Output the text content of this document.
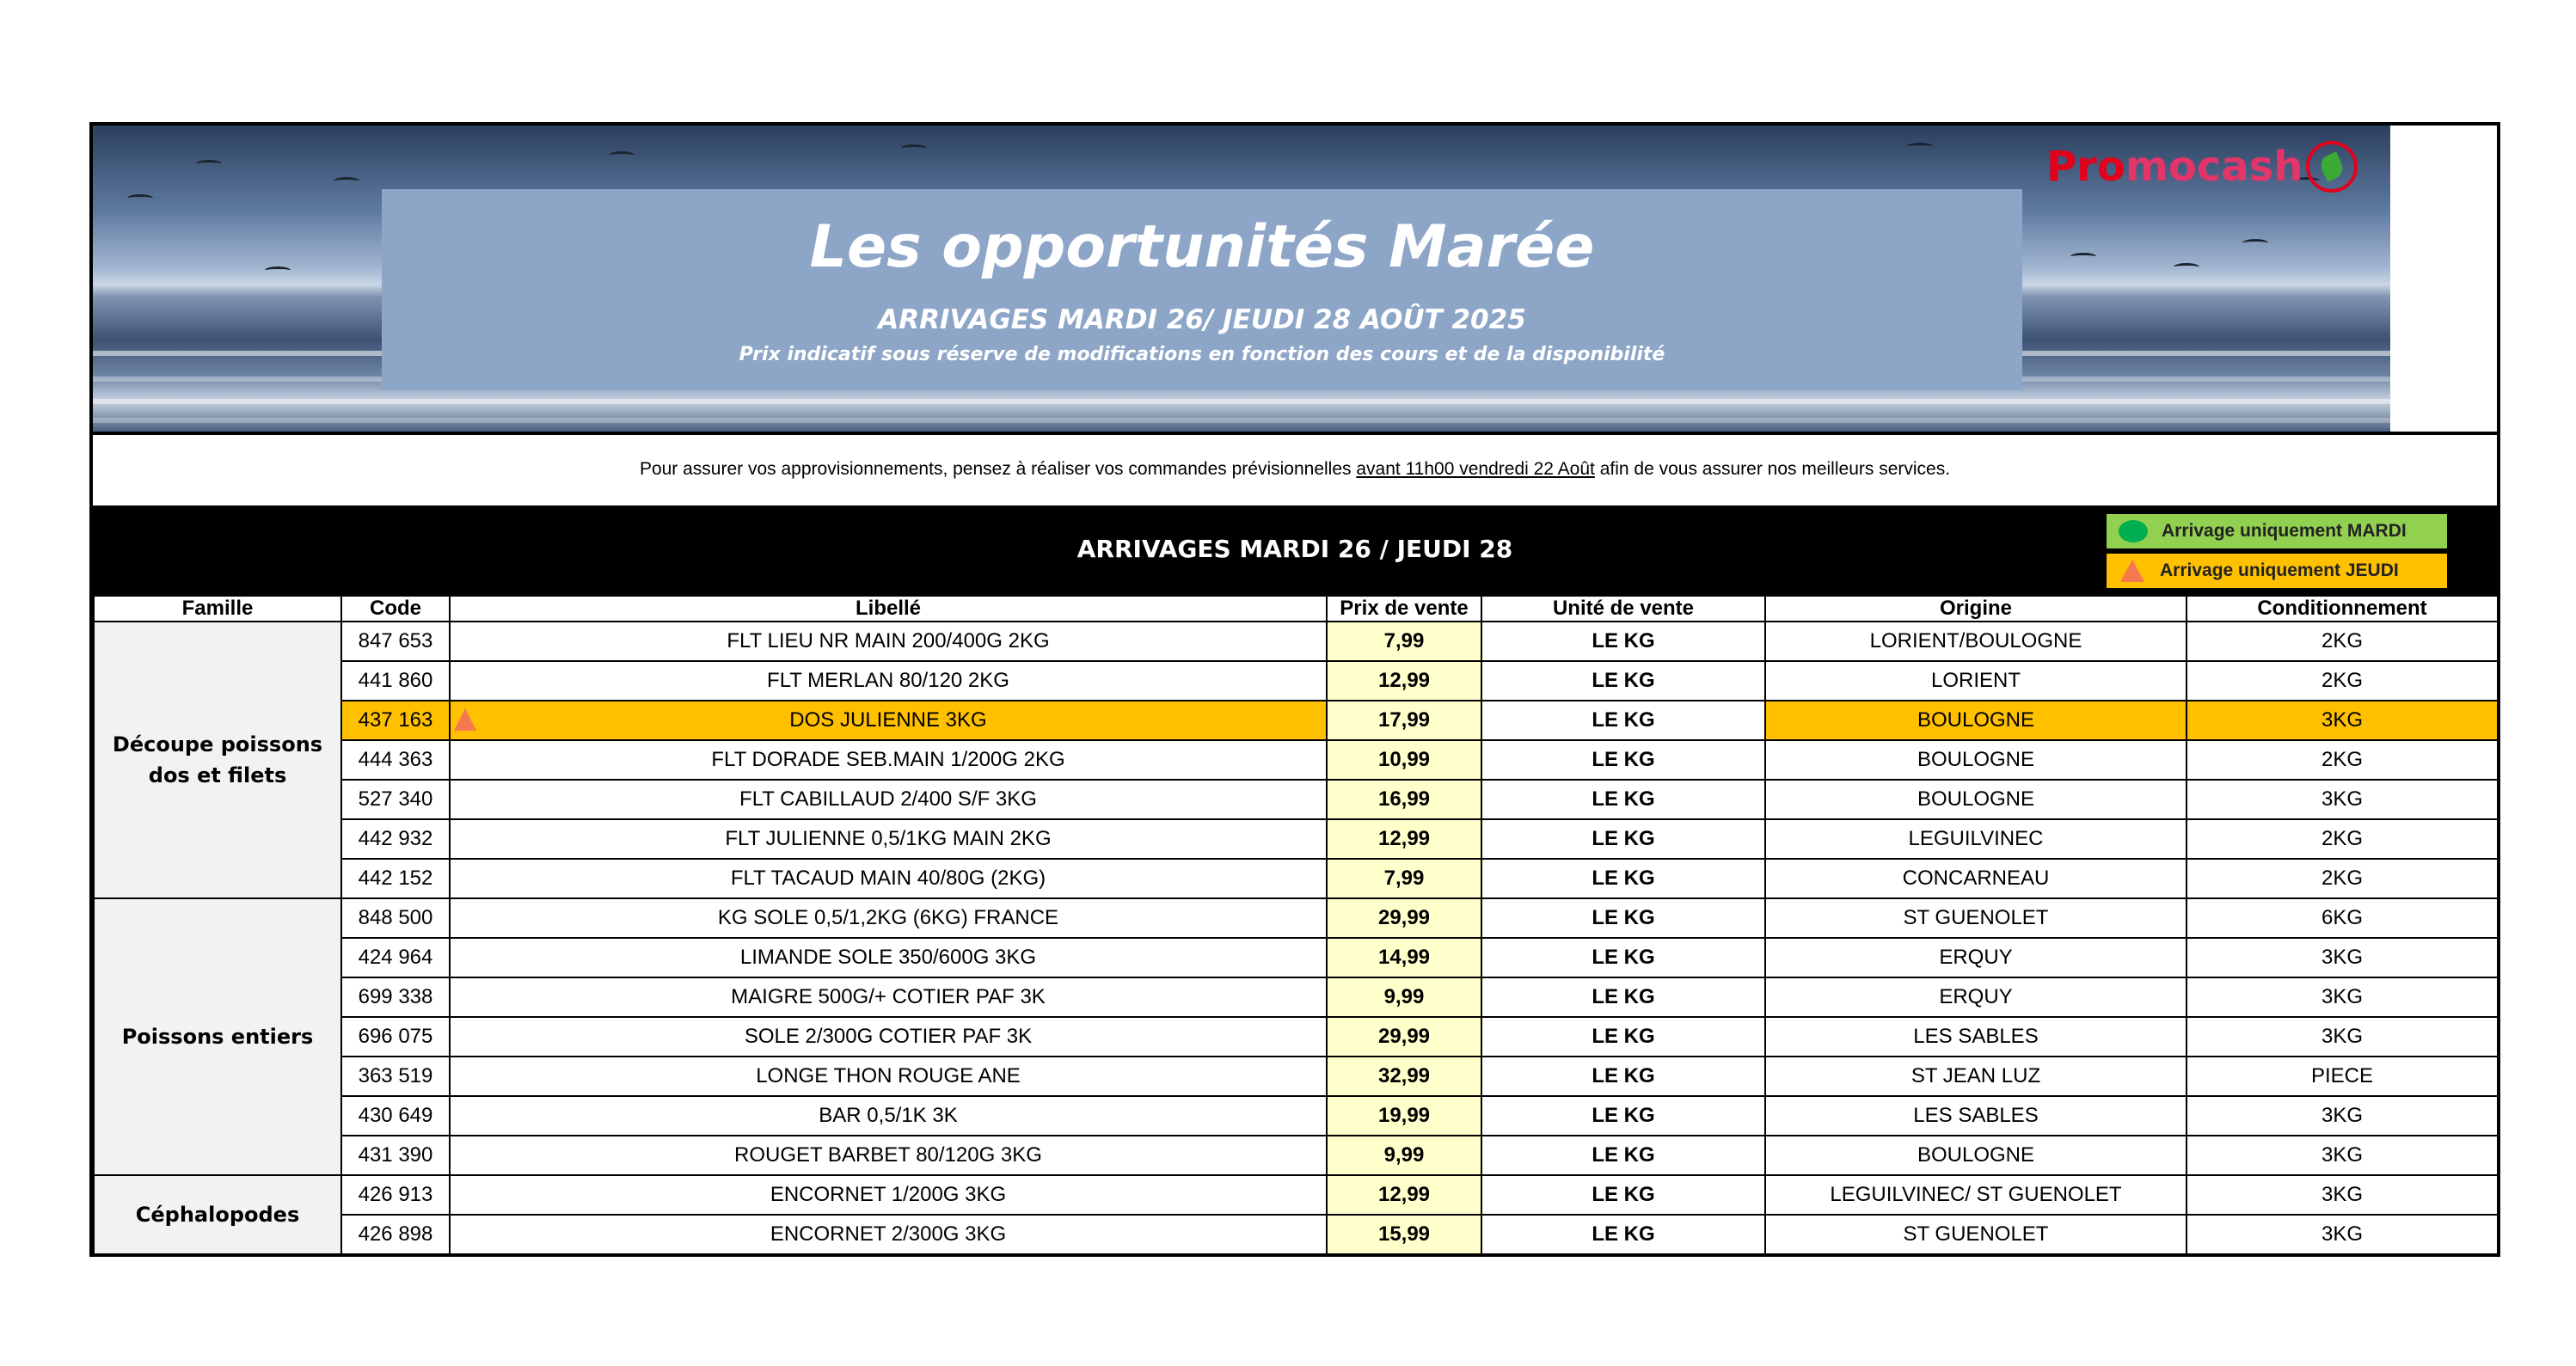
Les opportunités Marée
ARRIVAGES MARDI 26/ JEUDI 28 AOÛT 2025
Prix indicatif sous réserve de modifications en fonction des cours et de la disponibilité
Pro mocash
Pour assurer vos approvisionnements, pensez à réaliser vos commandes prévisionnelles avant 11h00 vendredi 22 Août afin de vous assurer nos meilleurs services.
ARRIVAGES MARDI 26 / JEUDI 28
Arrivage uniquement MARDI
Arrivage uniquement JEUDI
Famille	Code	Libellé	Prix de vente	Unité de vente	Origine	Conditionnement
Découpe poissons dos et filets	847 653	FLT LIEU NR MAIN 200/400G 2KG	7,99	LE KG	LORIENT/BOULOGNE	2KG
	441 860	FLT MERLAN 80/120 2KG	12,99	LE KG	LORIENT	2KG
	437 163	DOS JULIENNE 3KG	17,99	LE KG	BOULOGNE	3KG
	444 363	FLT DORADE SEB.MAIN 1/200G 2KG	10,99	LE KG	BOULOGNE	2KG
	527 340	FLT CABILLAUD 2/400 S/F 3KG	16,99	LE KG	BOULOGNE	3KG
	442 932	FLT JULIENNE 0,5/1KG MAIN 2KG	12,99	LE KG	LEGUILVINEC	2KG
	442 152	FLT TACAUD MAIN 40/80G (2KG)	7,99	LE KG	CONCARNEAU	2KG
Poissons entiers	848 500	KG SOLE 0,5/1,2KG (6KG) FRANCE	29,99	LE KG	ST GUENOLET	6KG
	424 964	LIMANDE SOLE 350/600G 3KG	14,99	LE KG	ERQUY	3KG
	699 338	MAIGRE 500G/+ COTIER PAF 3K	9,99	LE KG	ERQUY	3KG
	696 075	SOLE 2/300G COTIER PAF 3K	29,99	LE KG	LES SABLES	3KG
	363 519	LONGE THON ROUGE ANE	32,99	LE KG	ST JEAN LUZ	PIECE
	430 649	BAR 0,5/1K 3K	19,99	LE KG	LES SABLES	3KG
	431 390	ROUGET BARBET 80/120G 3KG	9,99	LE KG	BOULOGNE	3KG
Céphalopodes	426 913	ENCORNET 1/200G 3KG	12,99	LE KG	LEGUILVINEC/ ST GUENOLET	3KG
	426 898	ENCORNET 2/300G 3KG	15,99	LE KG	ST GUENOLET	3KG
